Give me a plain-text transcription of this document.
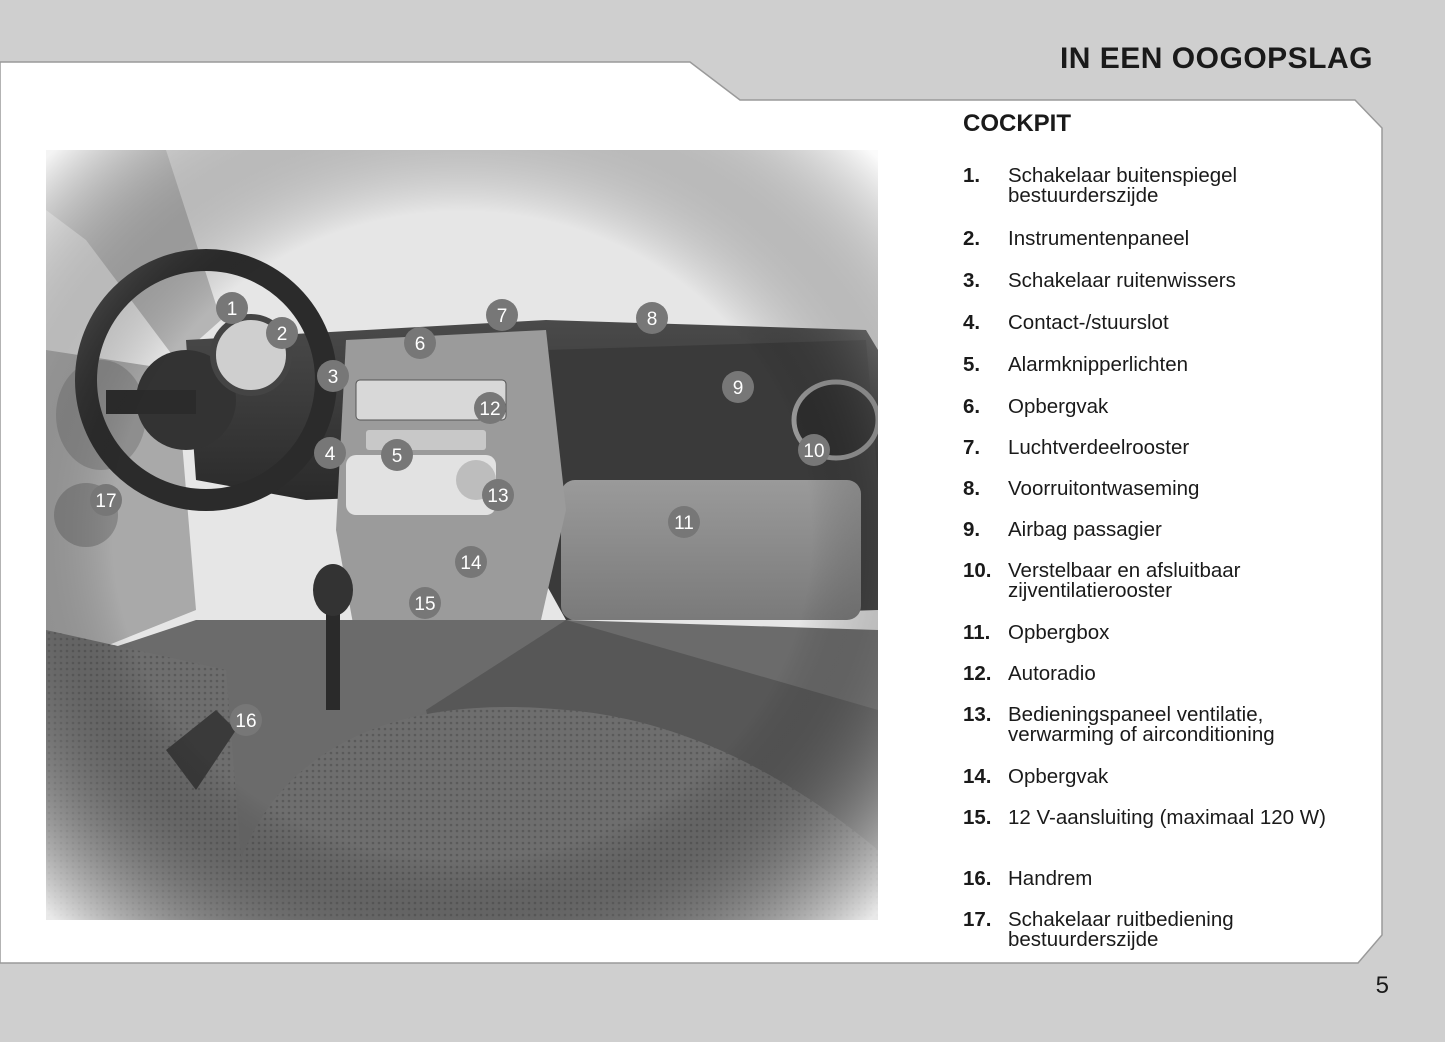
IN EEN OOGOPSLAG
COCKPIT
1
2
3
4	5
6
7	8
9
10
11
12
13
14
15
16
17
1.	Schakelaar buitenspiegel bestuurderszijde
2.	Instrumentenpaneel
3.	Schakelaar ruitenwissers
4.	Contact-/stuurslot
5.	Alarmknipperlichten
6.	Opbergvak
7.	Luchtverdeelrooster
8.	Voorruitontwaseming
9.	Airbag passagier
10. Verstelbaar en afsluitbaar zijventilatierooster
11. Opbergbox
12. Autoradio
13. Bedieningspaneel ventilatie, verwarming of airconditioning
14. Opbergvak
15. 12 V-aansluiting (maximaal 120 W)
16. Handrem
17. Schakelaar ruitbediening bestuurderszijde
5
